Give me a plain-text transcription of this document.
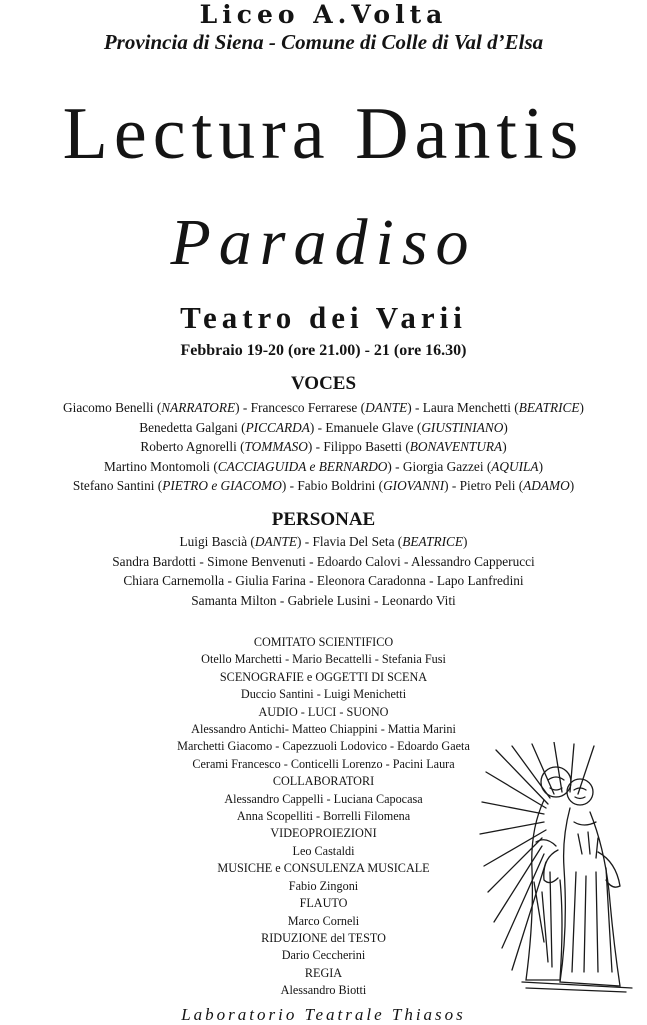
Liceo A.Volta
Provincia di Siena - Comune di Colle di Val d’Elsa
Lectura Dantis
Paradiso
Teatro dei Varii
Febbraio 19-20 (ore 21.00) - 21 (ore 16.30)
VOCES
Giacomo Benelli (NARRATORE) - Francesco Ferrarese (DANTE) - Laura Menchetti (BEATRICE)
Benedetta Galgani (PICCARDA) - Emanuele Glave (GIUSTINIANO)
Roberto Agnorelli (TOMMASO) - Filippo Basetti (BONAVENTURA)
Martino Montomoli (CACCIAGUIDA e BERNARDO) - Giorgia Gazzei (AQUILA)
Stefano Santini (PIETRO e GIACOMO) - Fabio Boldrini (GIOVANNI) - Pietro Peli (ADAMO)
PERSONAE
Luigi Bascià (DANTE) - Flavia Del Seta (BEATRICE)
Sandra Bardotti - Simone Benvenuti - Edoardo Calovi - Alessandro Capperucci
Chiara Carnemolla - Giulia Farina - Eleonora Caradonna - Lapo Lanfredini
Samanta Milton - Gabriele Lusini - Leonardo Viti
COMITATO SCIENTIFICO
Otello Marchetti - Mario Becattelli - Stefania Fusi
SCENOGRAFIE e OGGETTI DI SCENA
Duccio Santini - Luigi Menichetti
AUDIO - LUCI - SUONO
Alessandro Antichi- Matteo Chiappini - Mattia Marini
Marchetti Giacomo - Capezzuoli Lodovico - Edoardo Gaeta
Cerami Francesco - Conticelli Lorenzo - Pacini Laura
COLLABORATORI
Alessandro Cappelli - Luciana Capocasa
Anna Scopelliti - Borrelli Filomena
VIDEOPROIEZIONI
Leo Castaldi
MUSICHE e CONSULENZA MUSICALE
Fabio Zingoni
FLAUTO
Marco Corneli
RIDUZIONE del TESTO
Dario Ceccherini
REGIA
Alessandro Biotti
Laboratorio Teatrale Thiasos
